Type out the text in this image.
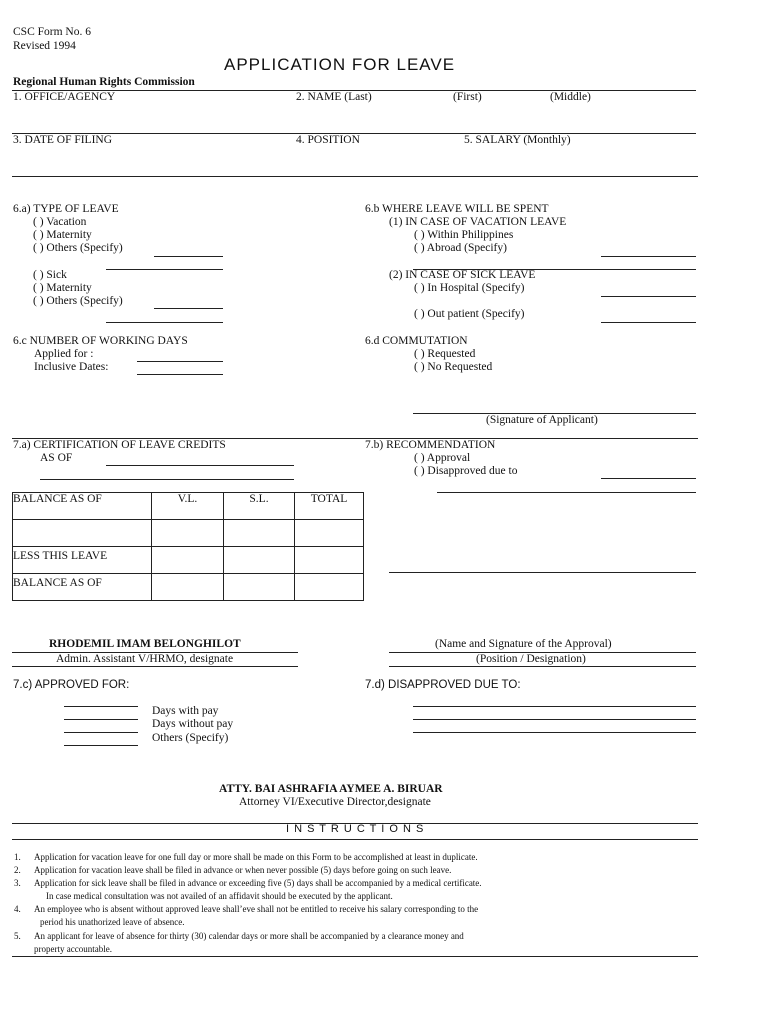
CSC Form No. 6
Revised 1994
APPLICATION FOR LEAVE
Regional Human Rights Commission
1. OFFICE/AGENCY	2. NAME (Last)	(First)	(Middle)
3. DATE OF FILING	4. POSITION	5. SALARY (Monthly)
6.a) TYPE OF LEAVE
( ) Vacation
( ) Maternity
( ) Others (Specify)
( ) Sick
( ) Maternity
( ) Others (Specify)
6.b WHERE LEAVE WILL BE SPENT
(1) IN CASE OF VACATION LEAVE
( ) Within Philippines
( ) Abroad (Specify)
(2) IN CASE OF SICK LEAVE
( ) In Hospital (Specify)
( ) Out patient (Specify)
6.c NUMBER OF WORKING DAYS
Applied for :
Inclusive Dates:
6.d COMMUTATION
( ) Requested
( ) No Requested
(Signature of Applicant)
7.a) CERTIFICATION OF LEAVE CREDITS
AS OF
BALANCE AS OF	V.L.	S.L.	TOTAL

LESS THIS LEAVE			

BALANCE AS OF			

7.b) RECOMMENDATION
( ) Approval
( ) Disapproved due to
RHODEMIL IMAM BELONGHILOT
Admin. Assistant V/HRMO, designate
(Name and Signature of the Approval)
(Position / Designation)
7.c) APPROVED FOR:
Days with pay
Days without pay
Others (Specify)
7.d) DISAPPROVED DUE TO:
ATTY. BAI ASHRAFIA AYMEE A. BIRUAR
Attorney VI/Executive Director,designate
I N S T R U C T I O N S
1. Application for vacation leave for one full day or more shall be made on this Form to be accomplished at least in duplicate.
2. Application for vacation leave shall be filed in advance or when never possible (5) days before going on such leave.
3. Application for sick leave shall be filed in advance or exceeding five (5) days shall be accompanied by a medical certificate.
In case medical consultation was not availed of an affidavit should be executed by the applicant.
4. An employee who is absent without approved leave shall’eve shall not be entitled to receive his salary corresponding to the
period his unathorized leave of absence.
5. An applicant for leave of absence for thirty (30) calendar days or more shall be accompanied by a clearance money and
property accountable.
